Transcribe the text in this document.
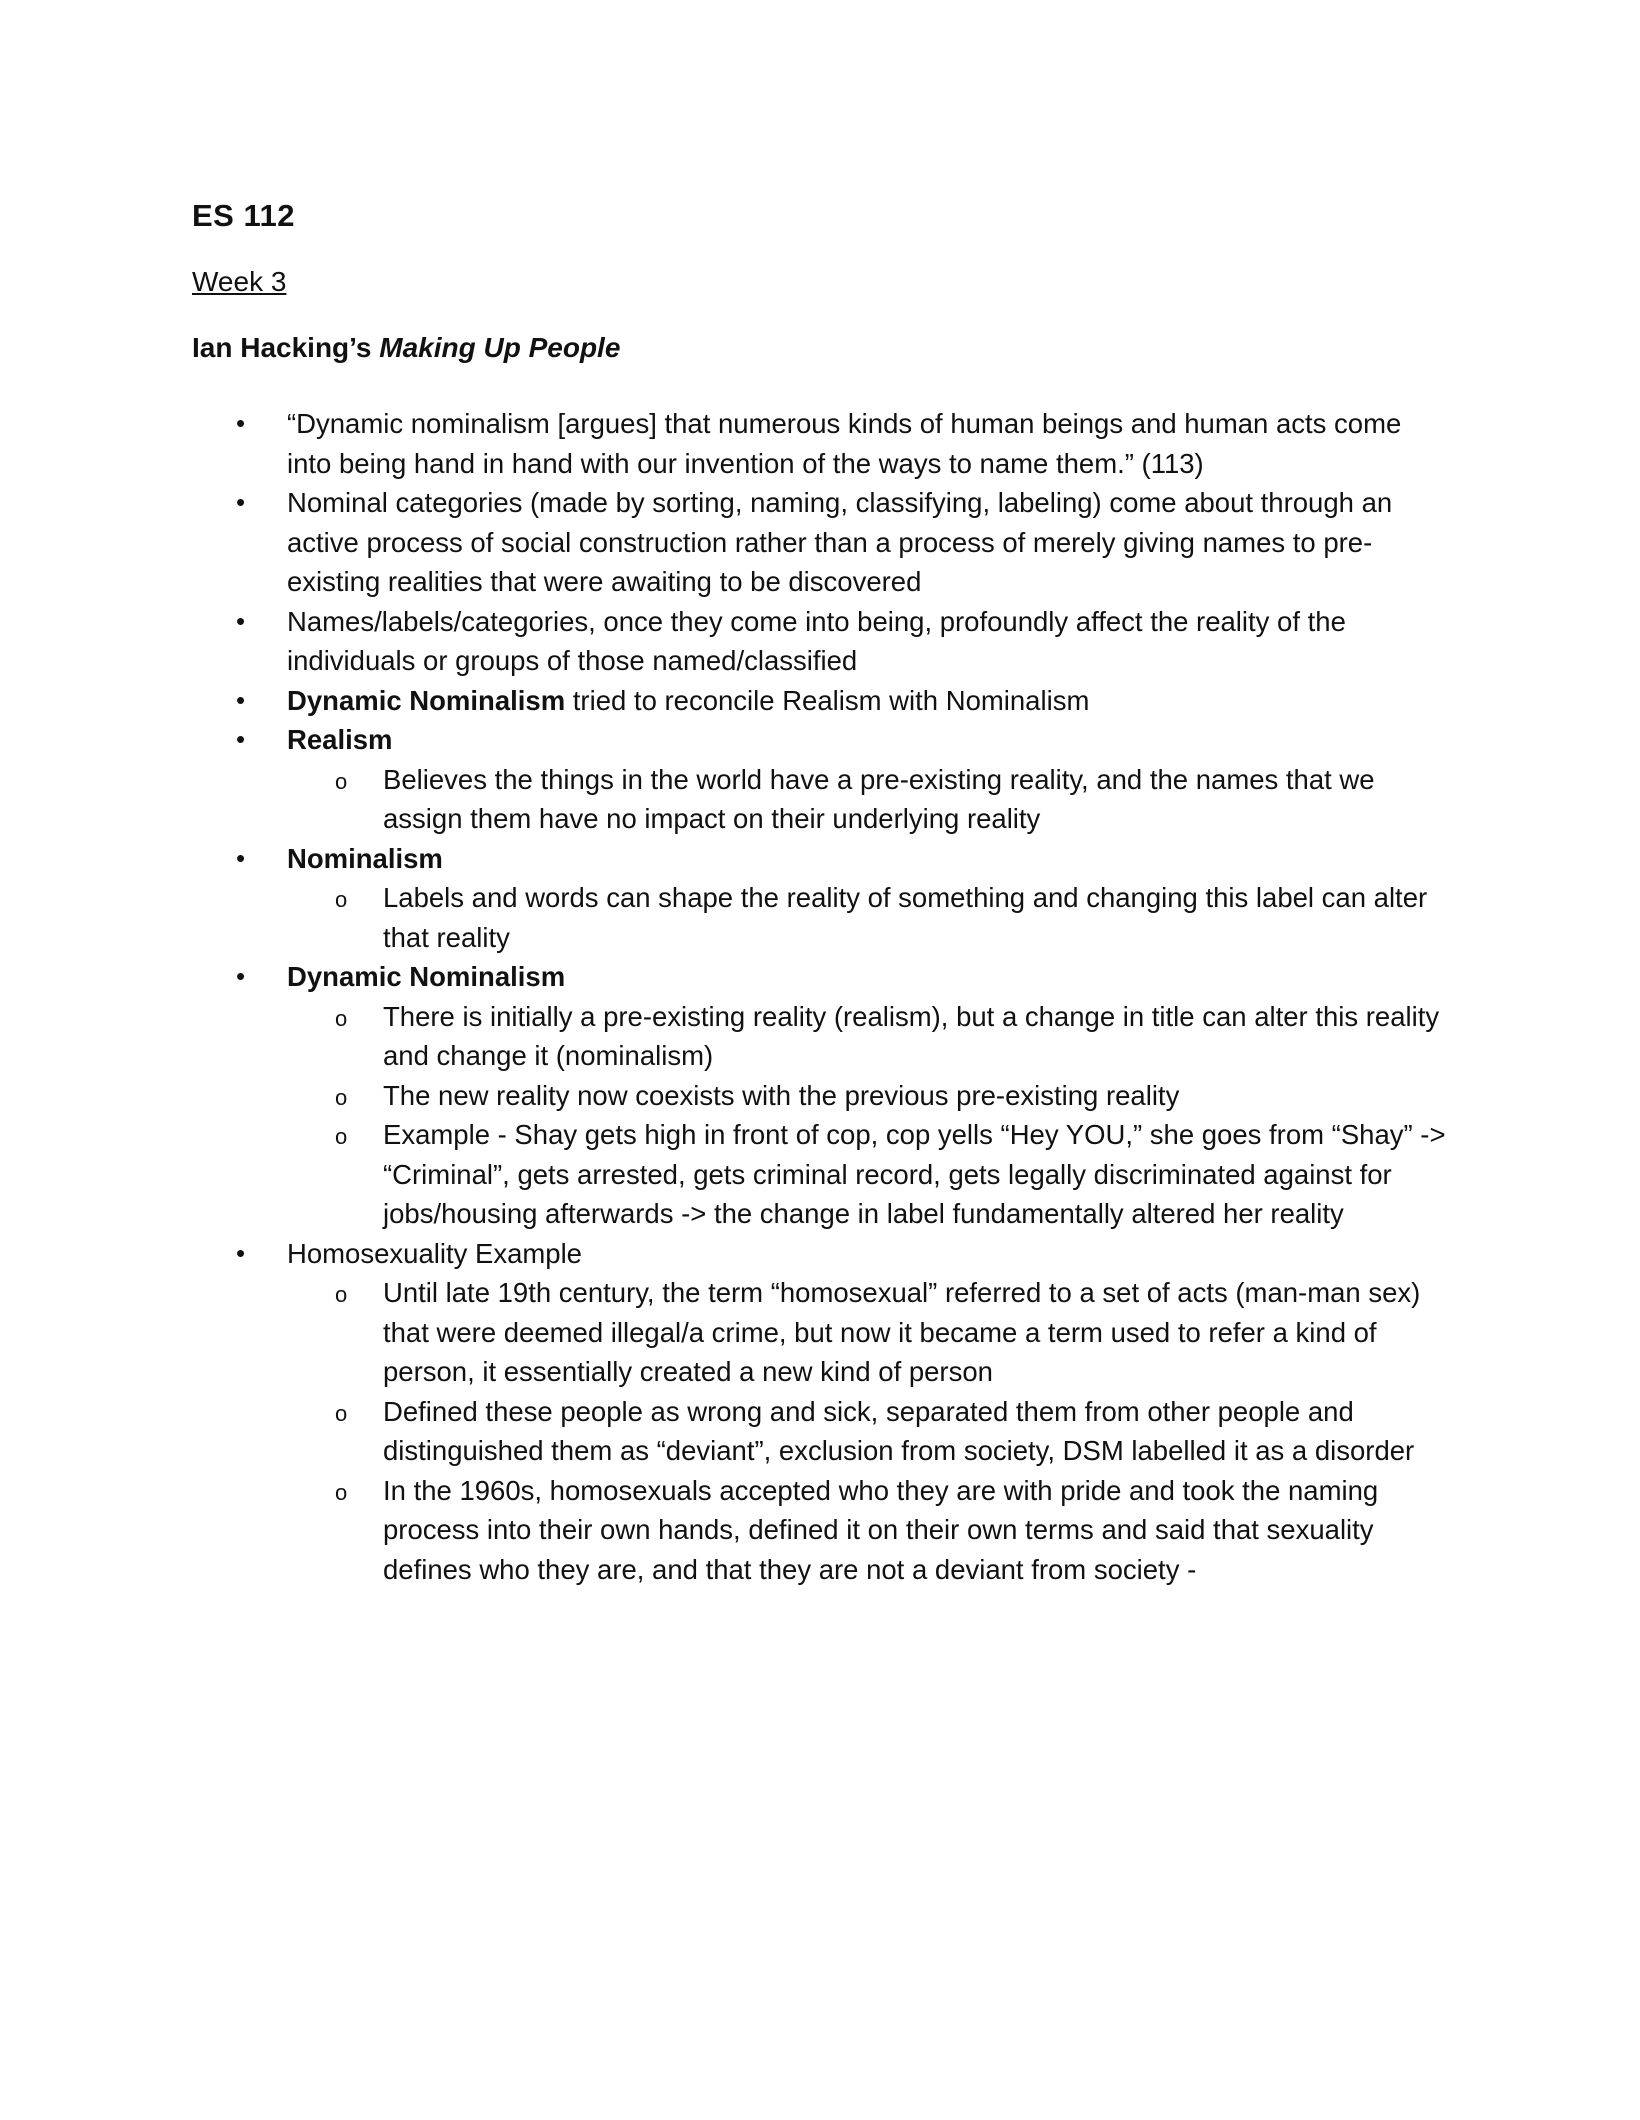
ES 112
Week 3
Ian Hacking’s Making Up People
• “Dynamic nominalism [argues] that numerous kinds of human beings and human acts come into being hand in hand with our invention of the ways to name them.” (113)
• Nominal categories (made by sorting, naming, classifying, labeling) come about through an active process of social construction rather than a process of merely giving names to pre-existing realities that were awaiting to be discovered
• Names/labels/categories, once they come into being, profoundly affect the reality of the individuals or groups of those named/classified
• Dynamic Nominalism tried to reconcile Realism with Nominalism
• Realism
o Believes the things in the world have a pre-existing reality, and the names that we assign them have no impact on their underlying reality
• Nominalism
o Labels and words can shape the reality of something and changing this label can alter that reality
• Dynamic Nominalism
o There is initially a pre-existing reality (realism), but a change in title can alter this reality and change it (nominalism)
o The new reality now coexists with the previous pre-existing reality
o Example - Shay gets high in front of cop, cop yells “Hey YOU,” she goes from “Shay” -> “Criminal”, gets arrested, gets criminal record, gets legally discriminated against for jobs/housing afterwards -> the change in label fundamentally altered her reality
• Homosexuality Example
o Until late 19th century, the term “homosexual” referred to a set of acts (man-man sex) that were deemed illegal/a crime, but now it became a term used to refer a kind of person, it essentially created a new kind of person
o Defined these people as wrong and sick, separated them from other people and distinguished them as “deviant”, exclusion from society, DSM labelled it as a disorder
o In the 1960s, homosexuals accepted who they are with pride and took the naming process into their own hands, defined it on their own terms and said that sexuality defines who they are, and that they are not a deviant from society -
